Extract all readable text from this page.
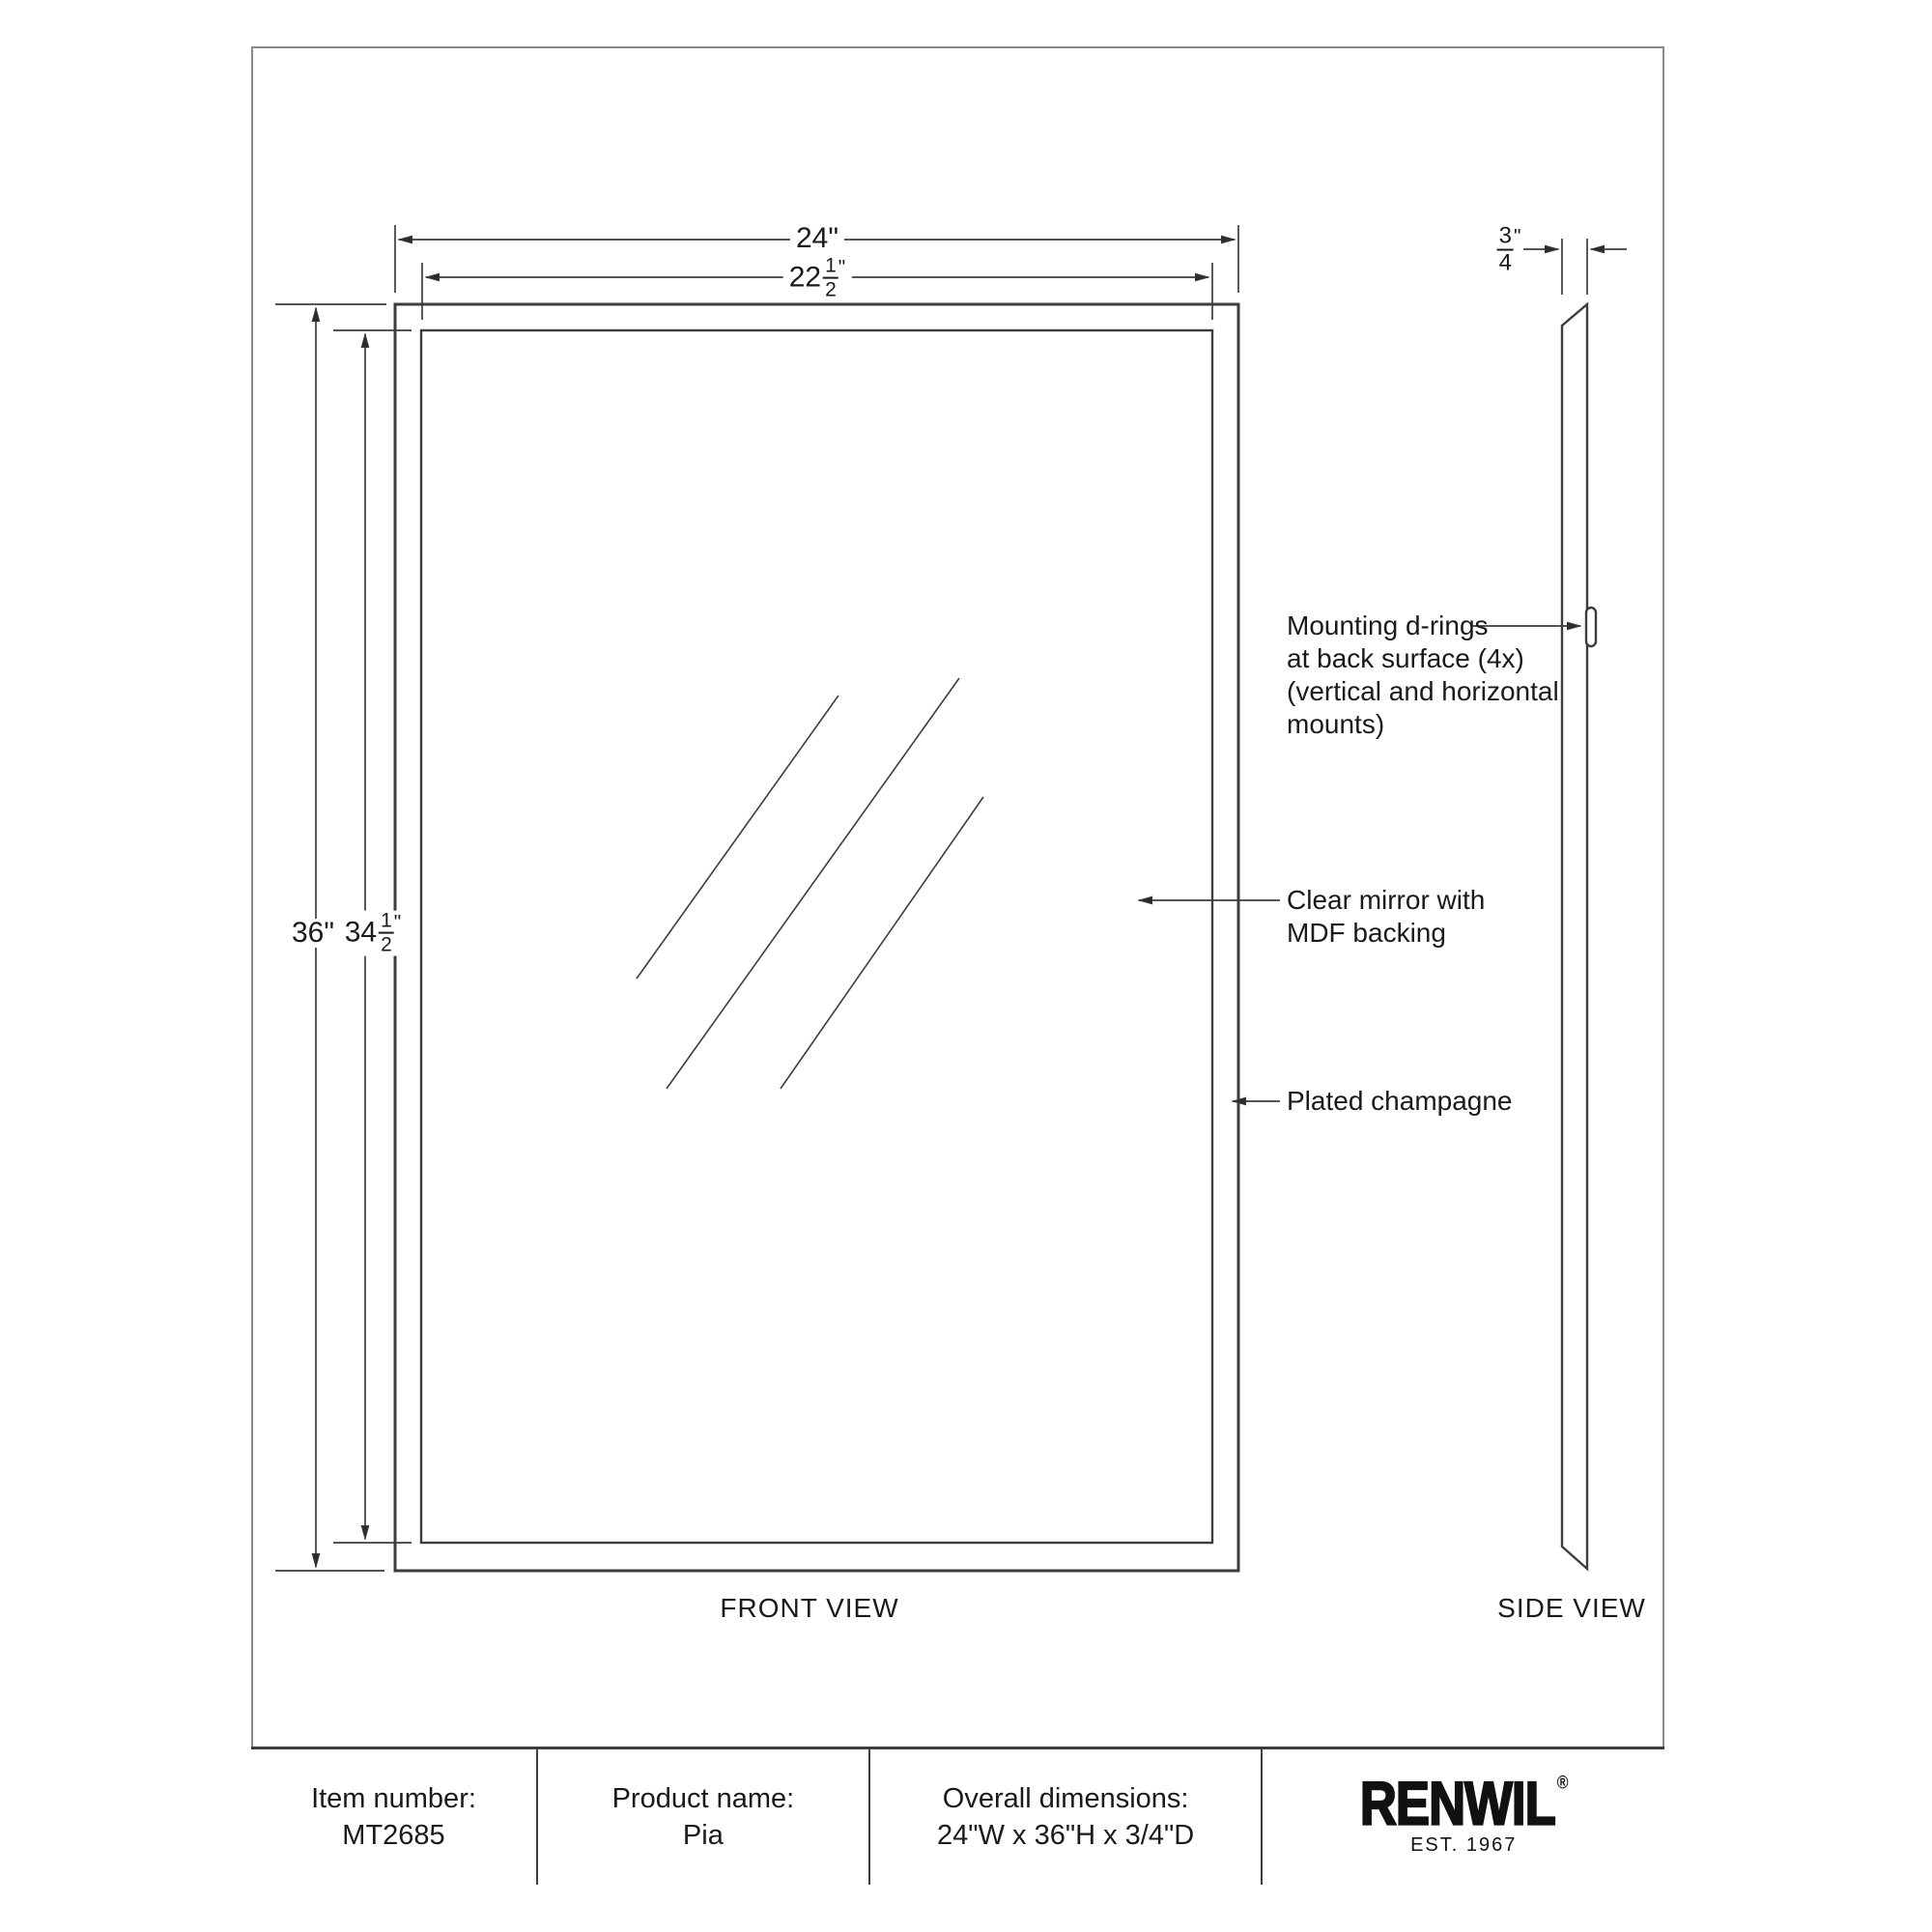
24"
$22 \frac{1}{2}$ "
36" $34 \frac{1}{2}$ "
$\frac{3}{4}$ "
Mounting d-rings
at back surface (4x)
(vertical and horizontal
mounts)
Clear mirror with
MDF backing
Plated champagne
FRONT VIEW	SIDE VIEW
Item number:
MT2685
Product name:
Pia
Overall dimensions:
24"W x 36"H x 3/4"D	RENWIL ®
EST. 1967
